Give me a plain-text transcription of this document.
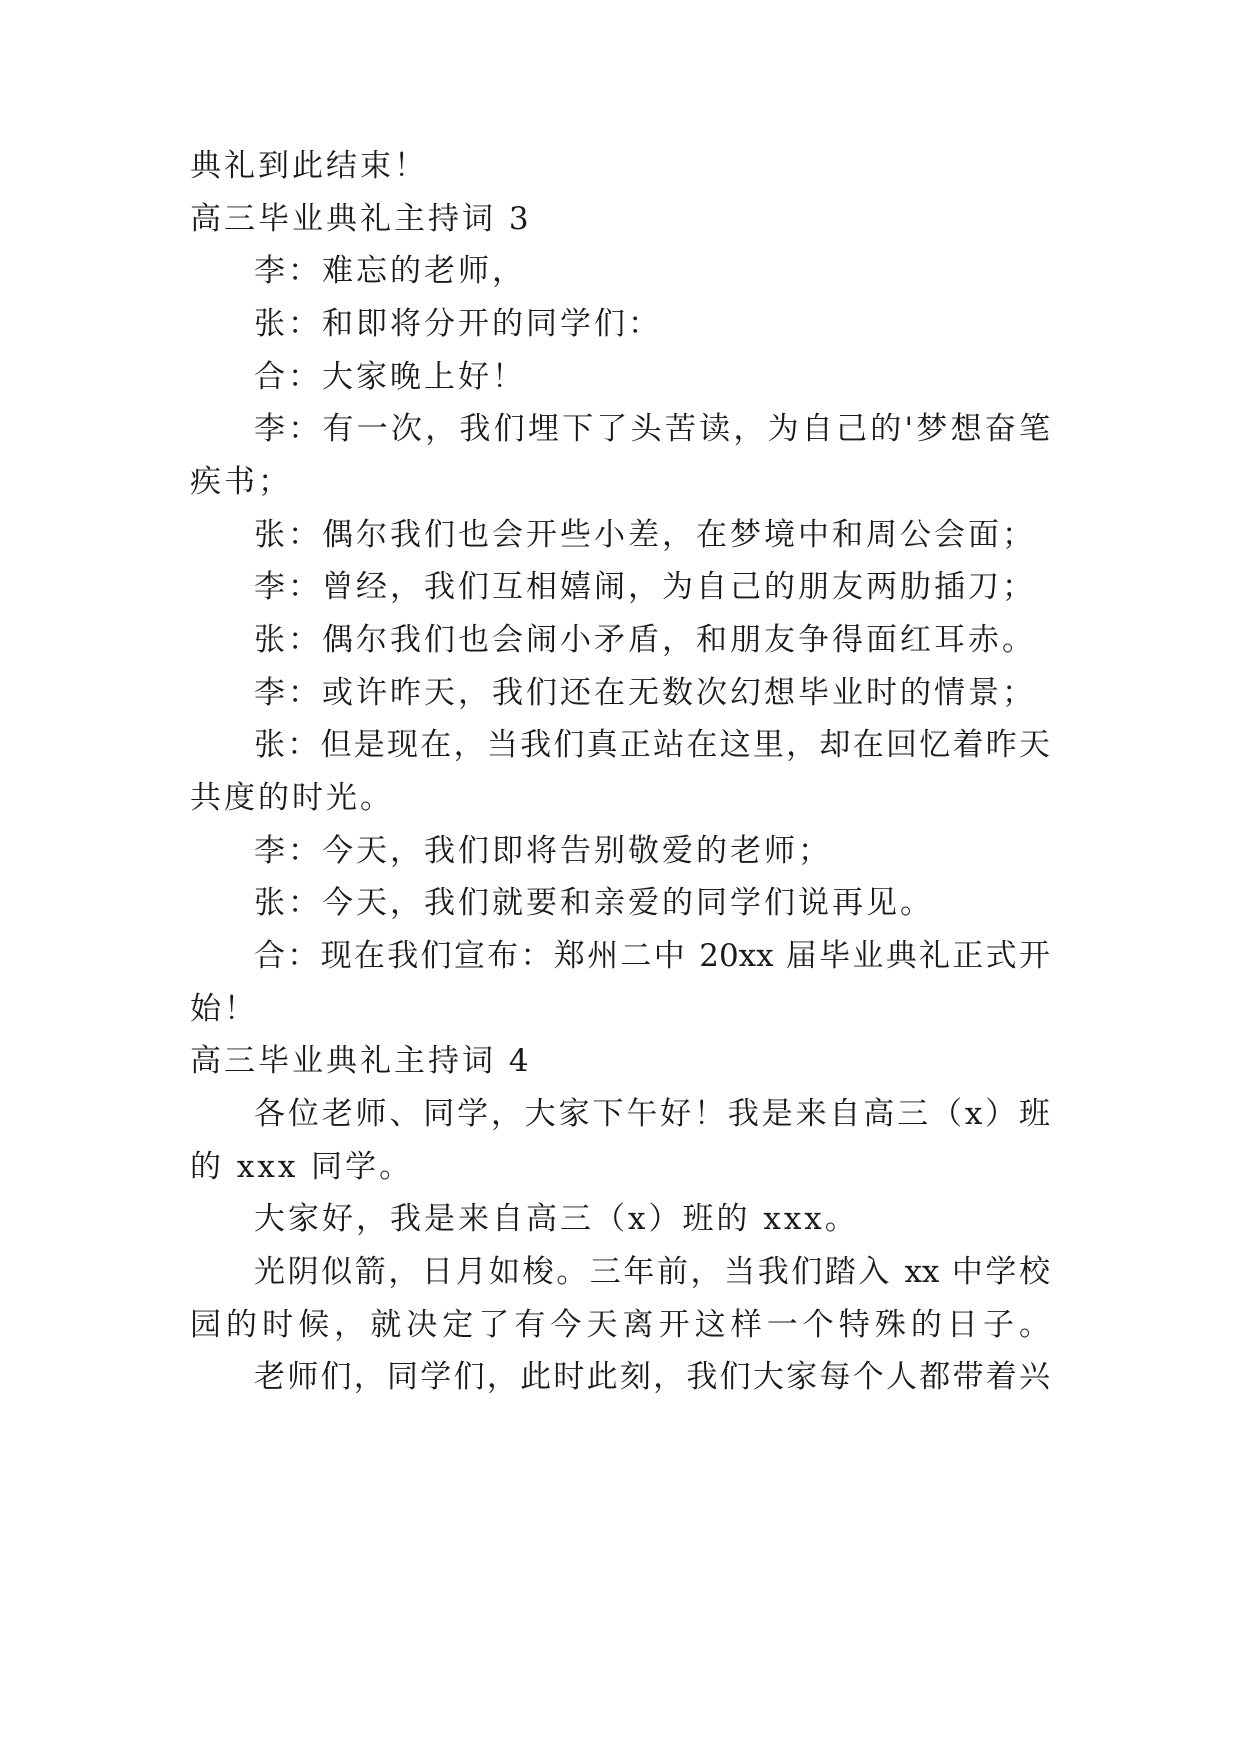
典礼到此结束！
高三毕业典礼主持词 3
李：难忘的老师，
张：和即将分开的同学们：
合：大家晚上好！
李：有一次，我们埋下了头苦读，为自己的'梦想奋笔
疾书；
张：偶尔我们也会开些小差，在梦境中和周公会面；
李：曾经，我们互相嬉闹，为自己的朋友两肋插刀；
张：偶尔我们也会闹小矛盾，和朋友争得面红耳赤。
李：或许昨天，我们还在无数次幻想毕业时的情景；
张：但是现在，当我们真正站在这里，却在回忆着昨天
共度的时光。
李：今天，我们即将告别敬爱的老师；
张：今天，我们就要和亲爱的同学们说再见。
合：现在我们宣布：郑州二中 20xx 届毕业典礼正式开
始！
高三毕业典礼主持词 4
各位老师、同学，大家下午好！我是来自高三（x）班
的 xxx 同学。
大家好，我是来自高三（x）班的 xxx。
光阴似箭，日月如梭。三年前，当我们踏入 xx 中学校
园的时候，就决定了有今天离开这样一个特殊的日子。
老师们，同学们，此时此刻，我们大家每个人都带着兴
